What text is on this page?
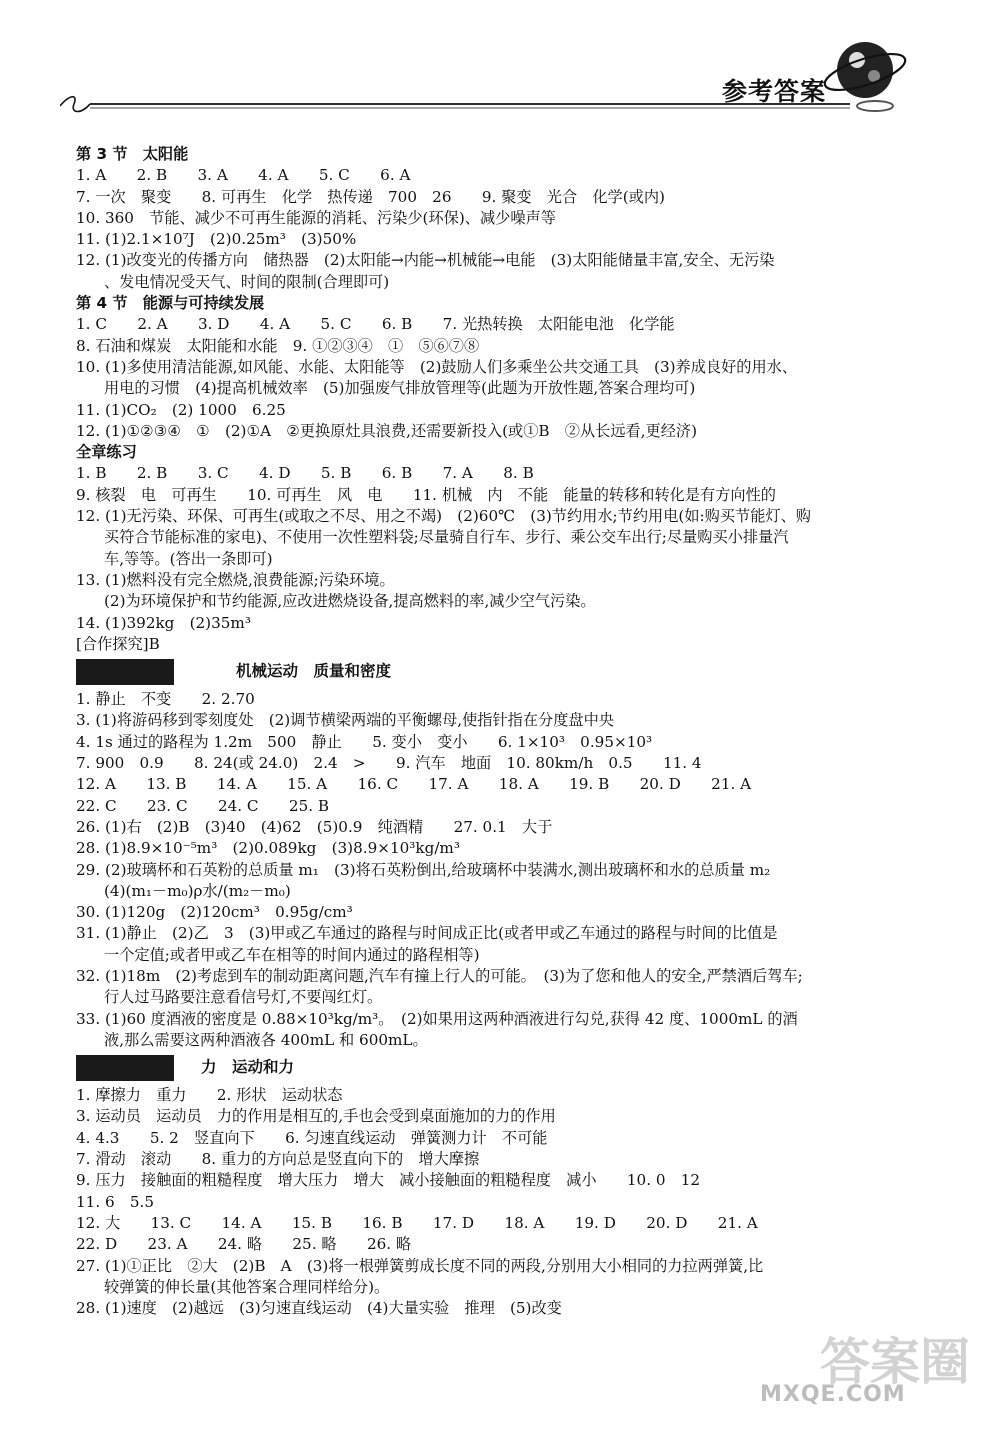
参考答案
第 3 节　太阳能
1. A　　2. B　　3. A　　4. A　　5. C　　6. A
7. 一次　聚变　　8. 可再生　化学　热传递　700　26　　9. 聚变　光合　化学(或内)
10. 360　节能、减少不可再生能源的消耗、污染少(环保)、减少噪声等
11. (1)2.1×10⁷J　(2)0.25m³　(3)50%
12. (1)改变光的传播方向　储热器　(2)太阳能→内能→机械能→电能　(3)太阳能储量丰富,安全、无污染
、发电情况受天气、时间的限制(合理即可)
第 4 节　能源与可持续发展
1. C　　2. A　　3. D　　4. A　　5. C　　6. B　　7. 光热转换　太阳能电池　化学能
8. 石油和煤炭　太阳能和水能　9. ①②③④　①　⑤⑥⑦⑧
10. (1)多使用清洁能源,如风能、水能、太阳能等　(2)鼓励人们多乘坐公共交通工具　(3)养成良好的用水、
用电的习惯　(4)提高机械效率　(5)加强废气排放管理等(此题为开放性题,答案合理均可)
11. (1)CO₂　(2) 1000　6.25
12. (1)①②③④　①　(2)①A　②更换原灶具浪费,还需要新投入(或①B　②从长远看,更经济)
全章练习
1. B　　2. B　　3. C　　4. D　　5. B　　6. B　　7. A　　8. B
9. 核裂　电　可再生　　10. 可再生　风　电　　11. 机械　内　不能　能量的转移和转化是有方向性的
12. (1)无污染、环保、可再生(或取之不尽、用之不竭)　(2)60℃　(3)节约用水;节约用电(如:购买节能灯、购
买符合节能标准的家电)、不使用一次性塑料袋;尽量骑自行车、步行、乘公交车出行;尽量购买小排量汽
车,等等。(答出一条即可)
13. (1)燃料没有完全燃烧,浪费能源;污染环境。
(2)为环境保护和节约能源,应改进燃烧设备,提高燃料的率,减少空气污染。
14. (1)392kg　(2)35m³
[合作探究]B
机械运动　质量和密度
1. 静止　不变　　2. 2.70
3. (1)将游码移到零刻度处　(2)调节横梁两端的平衡螺母,使指针指在分度盘中央
4. 1s 通过的路程为 1.2m　500　静止　　5. 变小　变小　　6. 1×10³　0.95×10³
7. 900　0.9　　8. 24(或 24.0)　2.4　>　　9. 汽车　地面　10. 80km/h　0.5　　11. 4
12. A　　13. B　　14. A　　15. A　　16. C　　17. A　　18. A　　19. B　　20. D　　21. A
22. C　　23. C　　24. C　　25. B
26. (1)右　(2)B　(3)40　(4)62　(5)0.9　纯酒精　　27. 0.1　大于
28. (1)8.9×10⁻⁵m³　(2)0.089kg　(3)8.9×10³kg/m³
29. (2)玻璃杯和石英粉的总质量 m₁　(3)将石英粉倒出,给玻璃杯中装满水,测出玻璃杯和水的总质量 m₂
(4)(m₁－m₀)ρ水/(m₂－m₀)
30. (1)120g　(2)120cm³　0.95g/cm³
31. (1)静止　(2)乙　3　(3)甲或乙车通过的路程与时间成正比(或者甲或乙车通过的路程与时间的比值是
一个定值;或者甲或乙车在相等的时间内通过的路程相等)
32. (1)18m　(2)考虑到车的制动距离问题,汽车有撞上行人的可能。　(3)为了您和他人的安全,严禁酒后驾车;
行人过马路要注意看信号灯,不要闯红灯。
33. (1)60 度酒液的密度是 0.88×10³kg/m³。　(2)如果用这两种酒液进行勾兑,获得 42 度、1000mL 的酒
液,那么需要这两种酒液各 400mL 和 600mL。
力　运动和力
1. 摩擦力　重力　　2. 形状　运动状态
3. 运动员　运动员　力的作用是相互的,手也会受到桌面施加的力的作用
4. 4.3　　5. 2　竖直向下　　6. 匀速直线运动　弹簧测力计　不可能
7. 滑动　滚动　　8. 重力的方向总是竖直向下的　增大摩擦
9. 压力　接触面的粗糙程度　增大压力　增大　减小接触面的粗糙程度　减小　　10. 0　12
11. 6　5.5
12. 大　　13. C　　14. A　　15. B　　16. B　　17. D　　18. A　　19. D　　20. D　　21. A
22. D　　23. A　　24. 略　　25. 略　　26. 略
27. (1)①正比　②大　(2)B　A　(3)将一根弹簧剪成长度不同的两段,分别用大小相同的力拉两弹簧,比
较弹簧的伸长量(其他答案合理同样给分)。
28. (1)速度　(2)越远　(3)匀速直线运动　(4)大量实验　推理　(5)改变
答案圈
MXQE.COM
